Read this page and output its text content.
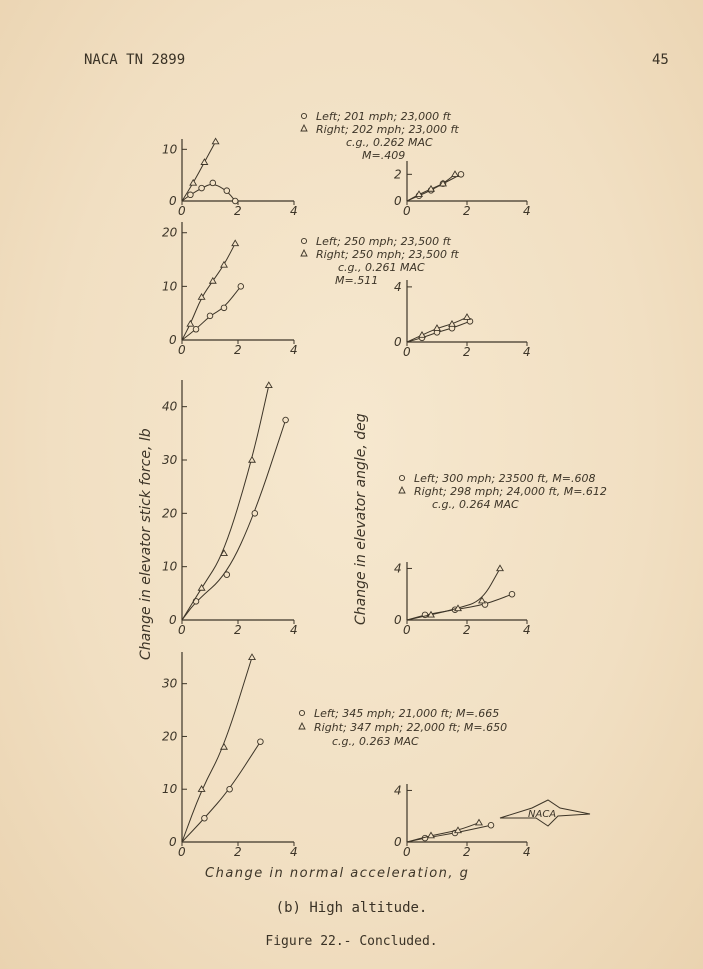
NACA TN 2899	45
0	2	4
0
10
Left; 201 mph; 23,000 ft
Right; 202 mph; 23,000 ft
c.g., 0.262 MAC
M=.409
0	2	4
0
2
0	2	4
0
10
20
Left; 250 mph; 23,500 ft
Right; 250 mph; 23,500 ft
c.g., 0.261 MAC
M=.511
0	2	4
0
4
0	2	4
0
10
20
30
40
Left; 300 mph; 23500 ft, M=.608
Right; 298 mph; 24,000 ft, M=.612
c.g., 0.264 MAC
0	2	4
0
4
0	2	4
0
10
20
30
Left; 345 mph; 21,000 ft; M=.665
Right; 347 mph; 22,000 ft; M=.650
c.g., 0.263 MAC
0	2	4
0
4
Change in elevator stick force, lb	Change in elevator angle, deg
Change in normal acceleration, g
NACA
(b) High altitude.
Figure 22.- Concluded.
